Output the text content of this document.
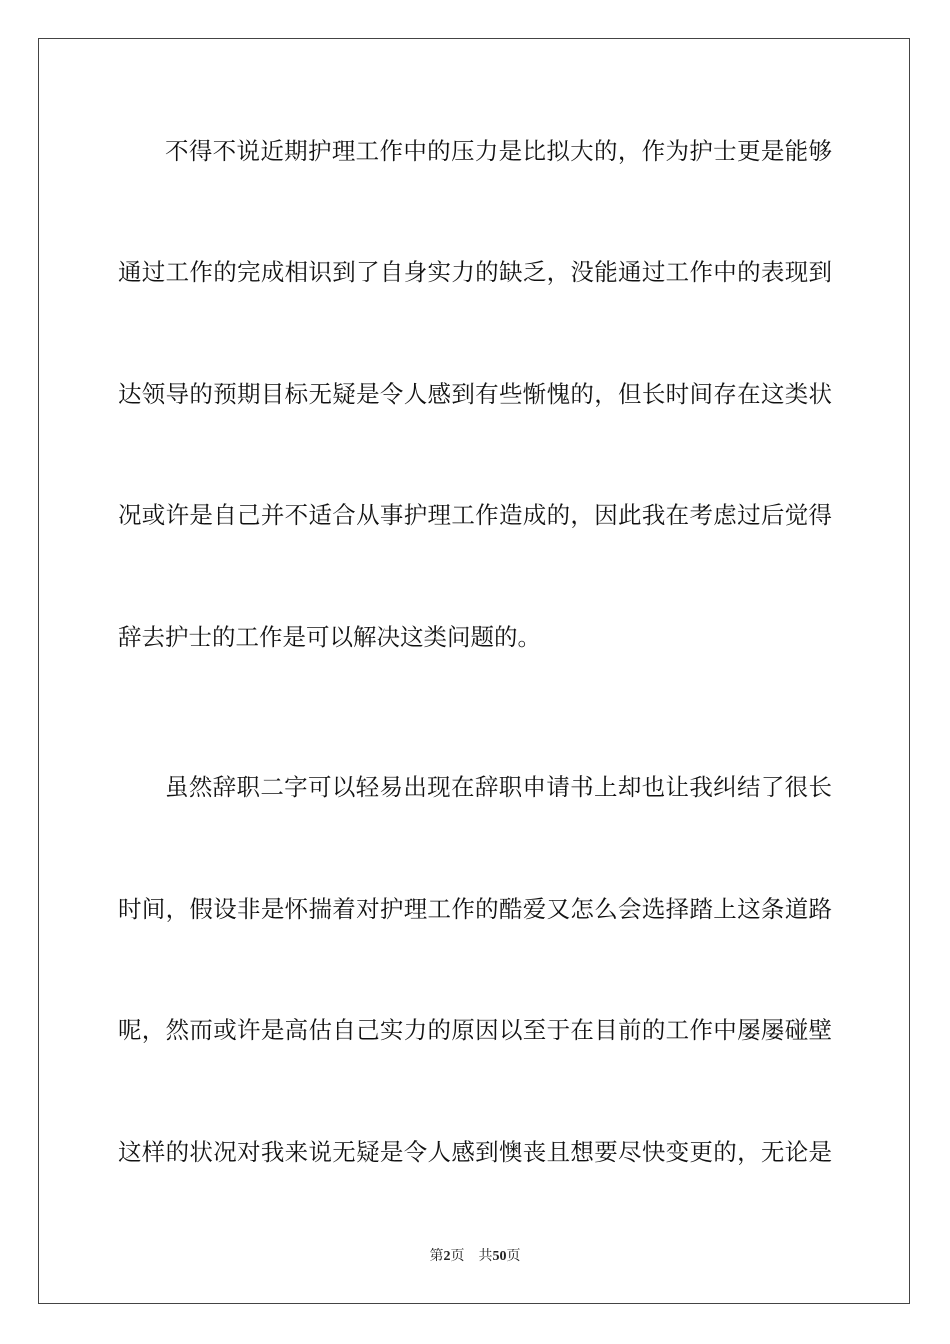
不得不说近期护理工作中的压力是比拟大的，作为护士更是能够
通过工作的完成相识到了自身实力的缺乏，没能通过工作中的表现到
达领导的预期目标无疑是令人感到有些惭愧的，但长时间存在这类状
况或许是自己并不适合从事护理工作造成的，因此我在考虑过后觉得
辞去护士的工作是可以解决这类问题的。
虽然辞职二字可以轻易出现在辞职申请书上却也让我纠结了很长
时间，假设非是怀揣着对护理工作的酷爱又怎么会选择踏上这条道路
呢，然而或许是高估自己实力的原因以至于在目前的工作中屡屡碰壁
这样的状况对我来说无疑是令人感到懊丧且想要尽快变更的，无论是
第2页 共50页
